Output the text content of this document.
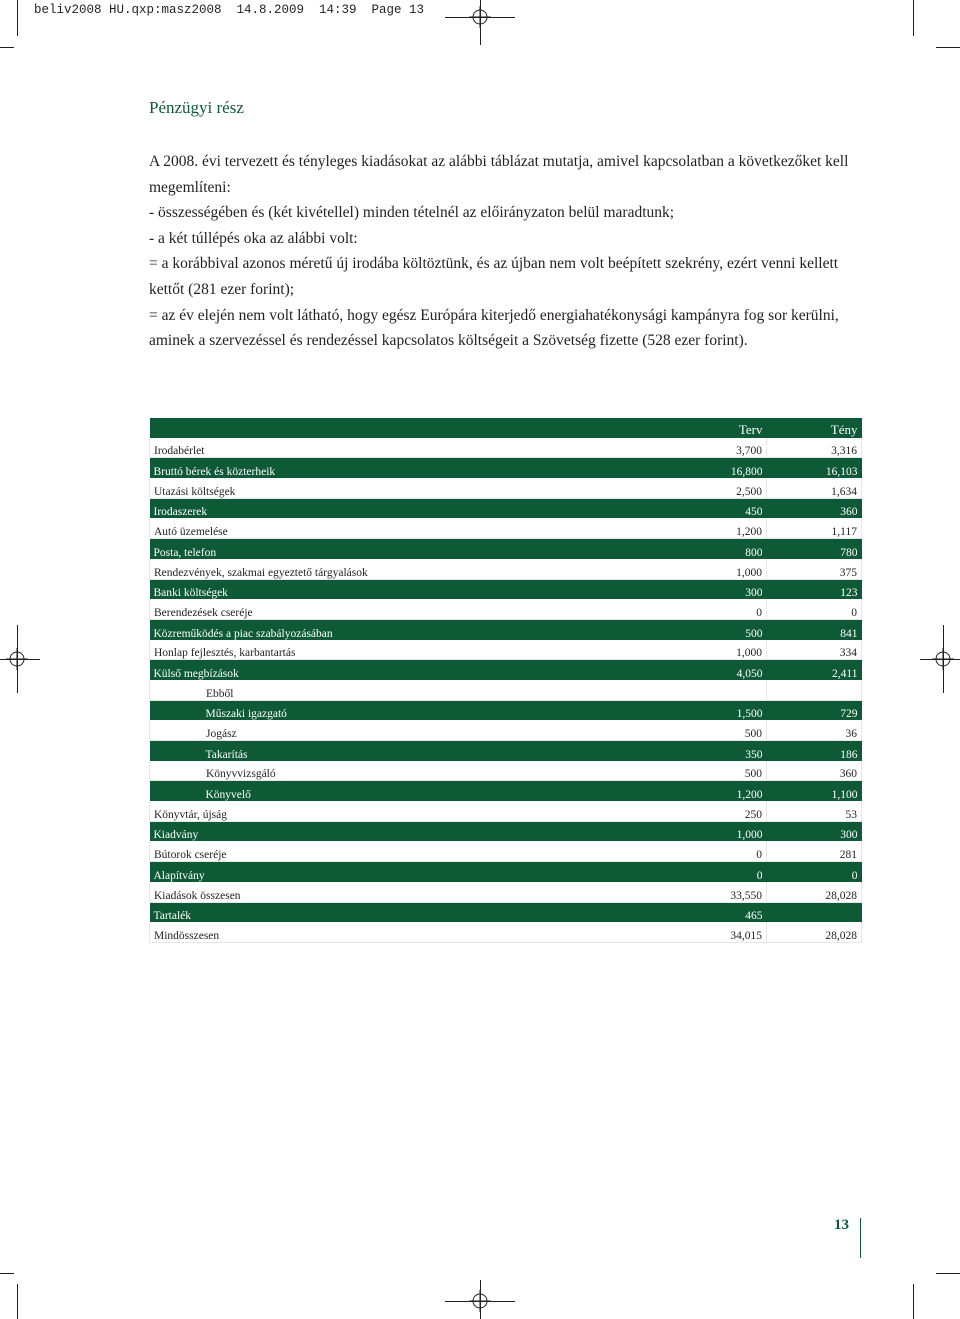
beliv2008 HU.qxp:masz2008  14.8.2009  14:39  Page 13
Pénzügyi rész

A 2008. évi tervezett és tényleges kiadásokat az alábbi táblázat mutatja, amivel kapcsolatban a következőket kell megemlíteni:

- összességében és (két kivétellel) minden tételnél az előirányzaton belül maradtunk;

- a két túllépés oka az alábbi volt:

= a korábbival azonos méretű új irodába költöztünk, és az újban nem volt beépített szekrény, ezért venni kellett kettőt (281 ezer forint);

= az év elején nem volt látható, hogy egész Európára kiterjedő energiahatékonysági kampányra fog sor kerülni, aminek a szervezéssel és rendezéssel kapcsolatos költségeit a Szövetség fizette (528 ezer forint).

	Terv	Tény
Irodabérlet	3,700	3,316
Bruttó bérek és közterheik	16,800	16,103
Utazási költségek	2,500	1,634
Irodaszerek	450	360
Autó üzemelése	1,200	1,117
Posta, telefon	800	780
Rendezvények, szakmai egyeztető tárgyalások	1,000	375
Banki költségek	300	123
Berendezések cseréje	0	0
Közreműködés a piac szabályozásában	500	841
Honlap fejlesztés, karbantartás	1,000	334
Külső megbízások	4,050	2,411
Ebből		
Műszaki igazgató	1,500	729
Jogász	500	36
Takarítás	350	186
Könyvvizsgáló	500	360
Könyvelő	1,200	1,100
Könyvtár, újság	250	53
Kiadvány	1,000	300
Bútorok cseréje	0	281
Alapítvány	0	0
Kiadások összesen	33,550	28,028
Tartalék	465	
Mindösszesen	34,015	28,028
13
